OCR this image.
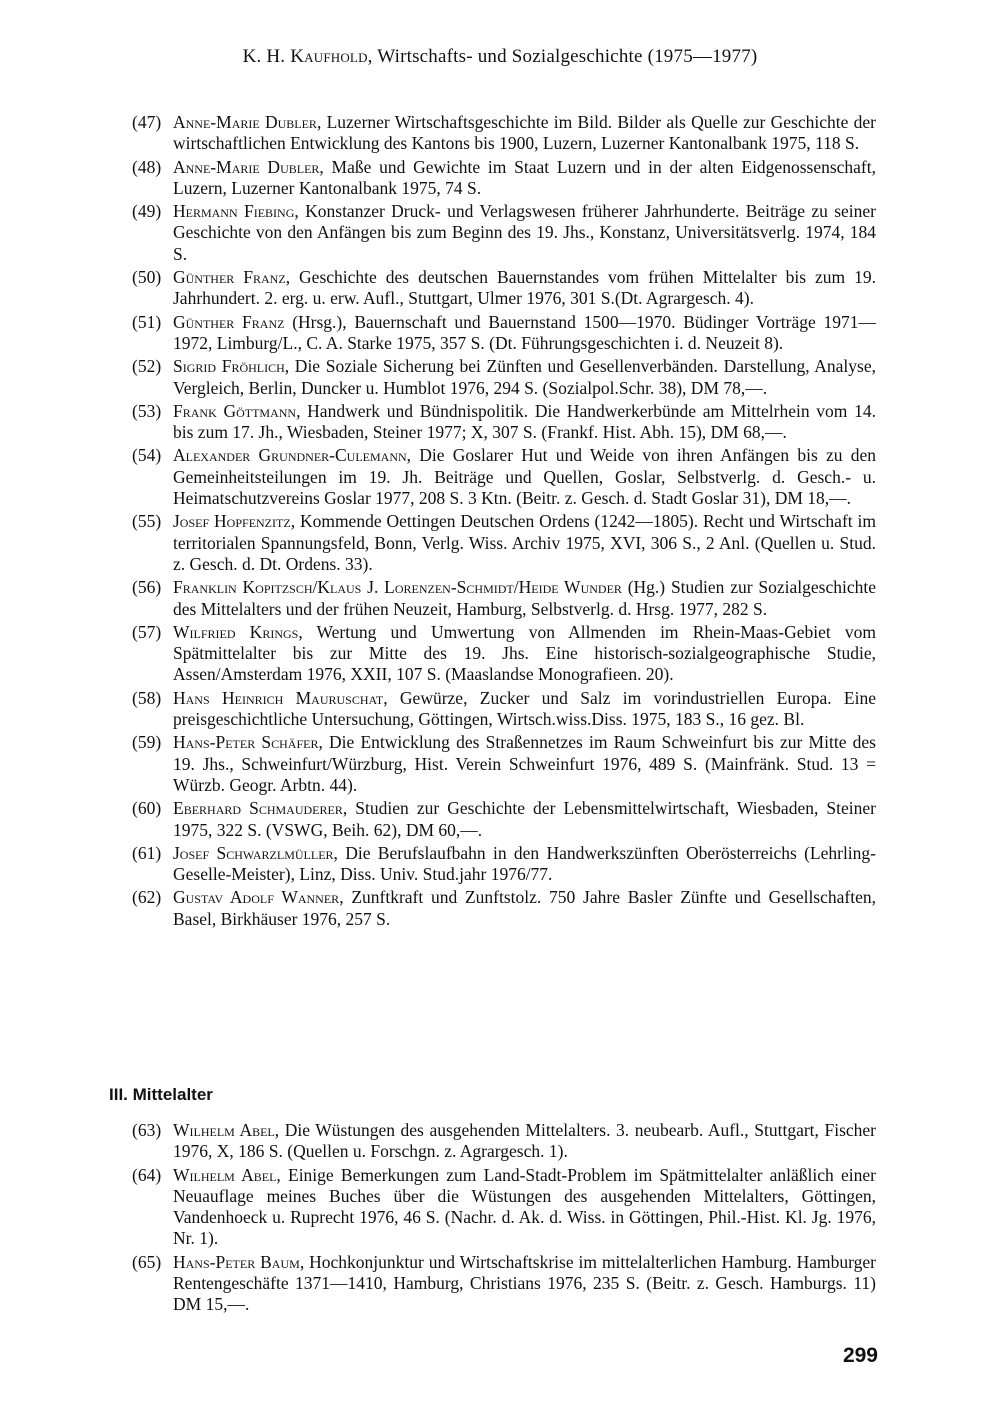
K. H. Kaufhold, Wirtschafts- und Sozialgeschichte (1975—1977)
(47) Anne-Marie Dubler, Luzerner Wirtschaftsgeschichte im Bild. Bilder als Quelle zur Geschichte der wirtschaftlichen Entwicklung des Kantons bis 1900, Luzern, Luzerner Kantonalbank 1975, 118 S.
(48) Anne-Marie Dubler, Maße und Gewichte im Staat Luzern und in der alten Eidgenossenschaft, Luzern, Luzerner Kantonalbank 1975, 74 S.
(49) Hermann Fiebing, Konstanzer Druck- und Verlagswesen früherer Jahrhunderte. Beiträge zu seiner Geschichte von den Anfängen bis zum Beginn des 19. Jhs., Konstanz, Universitätsverlg. 1974, 184 S.
(50) Günther Franz, Geschichte des deutschen Bauernstandes vom frühen Mittelalter bis zum 19. Jahrhundert. 2. erg. u. erw. Aufl., Stuttgart, Ulmer 1976, 301 S.(Dt. Agrargesch. 4).
(51) Günther Franz (Hrsg.), Bauernschaft und Bauernstand 1500—1970. Büdinger Vorträge 1971—1972, Limburg/L., C. A. Starke 1975, 357 S. (Dt. Führungsgeschichten i. d. Neuzeit 8).
(52) Sigrid Fröhlich, Die Soziale Sicherung bei Zünften und Gesellenverbänden. Darstellung, Analyse, Vergleich, Berlin, Duncker u. Humblot 1976, 294 S. (Sozialpol.Schr. 38), DM 78,—.
(53) Frank Göttmann, Handwerk und Bündnispolitik. Die Handwerkerbünde am Mittelrhein vom 14. bis zum 17. Jh., Wiesbaden, Steiner 1977; X, 307 S. (Frankf. Hist. Abh. 15), DM 68,—.
(54) Alexander Grundner-Culemann, Die Goslarer Hut und Weide von ihren Anfängen bis zu den Gemeinheitsteilungen im 19. Jh. Beiträge und Quellen, Goslar, Selbstverlg. d. Gesch.- u. Heimatschutzvereins Goslar 1977, 208 S. 3 Ktn. (Beitr. z. Gesch. d. Stadt Goslar 31), DM 18,—.
(55) Josef Hopfenzitz, Kommende Oettingen Deutschen Ordens (1242—1805). Recht und Wirtschaft im territorialen Spannungsfeld, Bonn, Verlg. Wiss. Archiv 1975, XVI, 306 S., 2 Anl. (Quellen u. Stud. z. Gesch. d. Dt. Ordens. 33).
(56) Franklin Kopitzsch/Klaus J. Lorenzen-Schmidt/Heide Wunder (Hg.) Studien zur Sozialgeschichte des Mittelalters und der frühen Neuzeit, Hamburg, Selbstverlg. d. Hrsg. 1977, 282 S.
(57) Wilfried Krings, Wertung und Umwertung von Allmenden im Rhein-Maas-Gebiet vom Spätmittelalter bis zur Mitte des 19. Jhs. Eine historisch-sozialgeographische Studie, Assen/Amsterdam 1976, XXII, 107 S. (Maaslandse Monografieen. 20).
(58) Hans Heinrich Mauruschat, Gewürze, Zucker und Salz im vorindustriellen Europa. Eine preisgeschichtliche Untersuchung, Göttingen, Wirtsch.wiss.Diss. 1975, 183 S., 16 gez. Bl.
(59) Hans-Peter Schäfer, Die Entwicklung des Straßennetzes im Raum Schweinfurt bis zur Mitte des 19. Jhs., Schweinfurt/Würzburg, Hist. Verein Schweinfurt 1976, 489 S. (Mainfränk. Stud. 13 = Würzb. Geogr. Arbtn. 44).
(60) Eberhard Schmauderer, Studien zur Geschichte der Lebensmittelwirtschaft, Wiesbaden, Steiner 1975, 322 S. (VSWG, Beih. 62), DM 60,—.
(61) Josef Schwarzlmüller, Die Berufslaufbahn in den Handwerkszünften Oberösterreichs (Lehrling-Geselle-Meister), Linz, Diss. Univ. Stud.jahr 1976/77.
(62) Gustav Adolf Wanner, Zunftkraft und Zunftstolz. 750 Jahre Basler Zünfte und Gesellschaften, Basel, Birkhäuser 1976, 257 S.
III. Mittelalter
(63) Wilhelm Abel, Die Wüstungen des ausgehenden Mittelalters. 3. neubearb. Aufl., Stuttgart, Fischer 1976, X, 186 S. (Quellen u. Forschgn. z. Agrargesch. 1).
(64) Wilhelm Abel, Einige Bemerkungen zum Land-Stadt-Problem im Spätmittelalter anläßlich einer Neuauflage meines Buches über die Wüstungen des ausgehenden Mittelalters, Göttingen, Vandenhoeck u. Ruprecht 1976, 46 S. (Nachr. d. Ak. d. Wiss. in Göttingen, Phil.-Hist. Kl. Jg. 1976, Nr. 1).
(65) Hans-Peter Baum, Hochkonjunktur und Wirtschaftskrise im mittelalterlichen Hamburg. Hamburger Rentengeschäfte 1371—1410, Hamburg, Christians 1976, 235 S. (Beitr. z. Gesch. Hamburgs. 11) DM 15,—.
299
